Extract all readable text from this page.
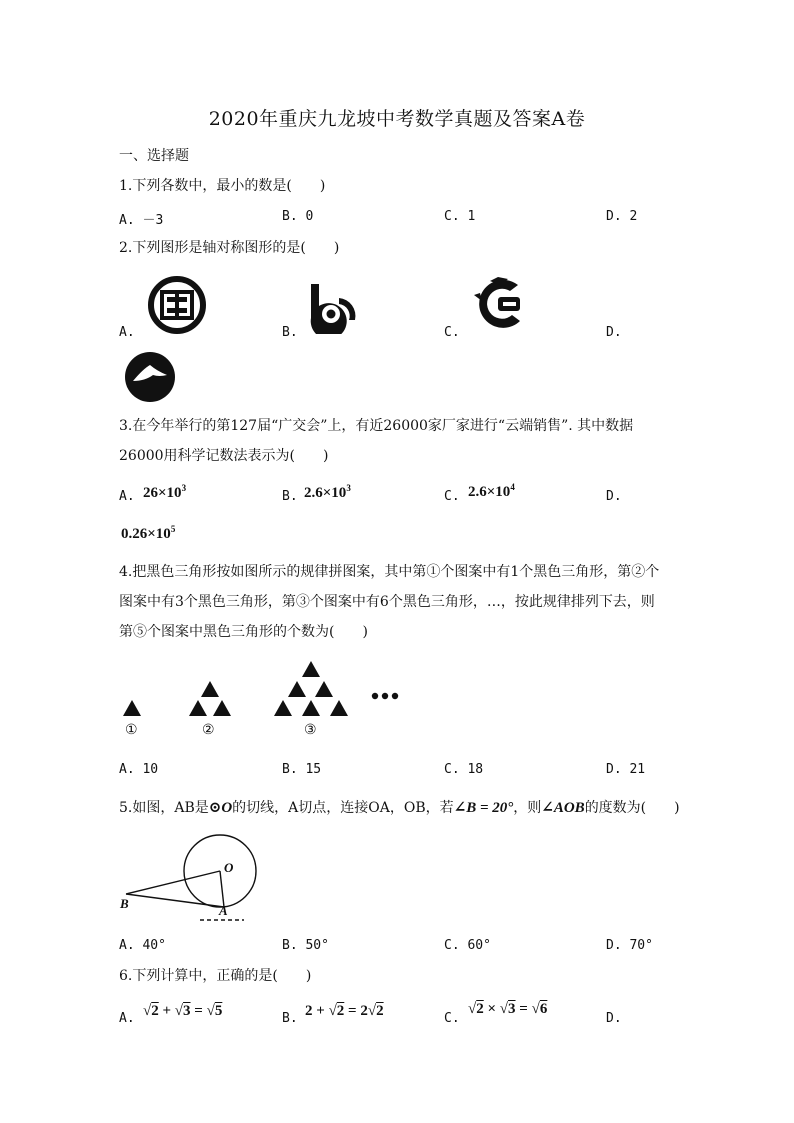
2020年重庆九龙坡中考数学真题及答案A卷
一、选择题
1.下列各数中，最小的数是(　　)
A. －3	B. 0	C. 1	D. 2
2.下列图形是轴对称图形的是(　　)
A.	B.	C.	D.
3.在今年举行的第127届“广交会”上，有近26000家厂家进行“云端销售”. 其中数据
26000用科学记数法表示为(　　)
A. $26\times 10^3$
B. $2.6\times 10^3$
C. $2.6\times 10^4$
D.
$0.26\times 10^5$
4.把黑色三角形按如图所示的规律拼图案，其中第①个图案中有1个黑色三角形，第②个
图案中有3个黑色三角形，第③个图案中有6个黑色三角形，…，按此规律排列下去，则
第⑤个图案中黑色三角形的个数为(　　)
①	②	③
A. 10	B. 15	C. 18	D. 21
5.如图，AB是⊙O的切线，A切点，连接OA，OB，若∠B = 20°，则∠AOB的度数为(　　)
O
B	A
A. 40°	B. 50°	C. 60°	D. 70°
6.下列计算中，正确的是(　　)
A. √2 + √3 = √5	B. 2 + √2 = 2√2	C.
√2 × √3 = √6
D.
